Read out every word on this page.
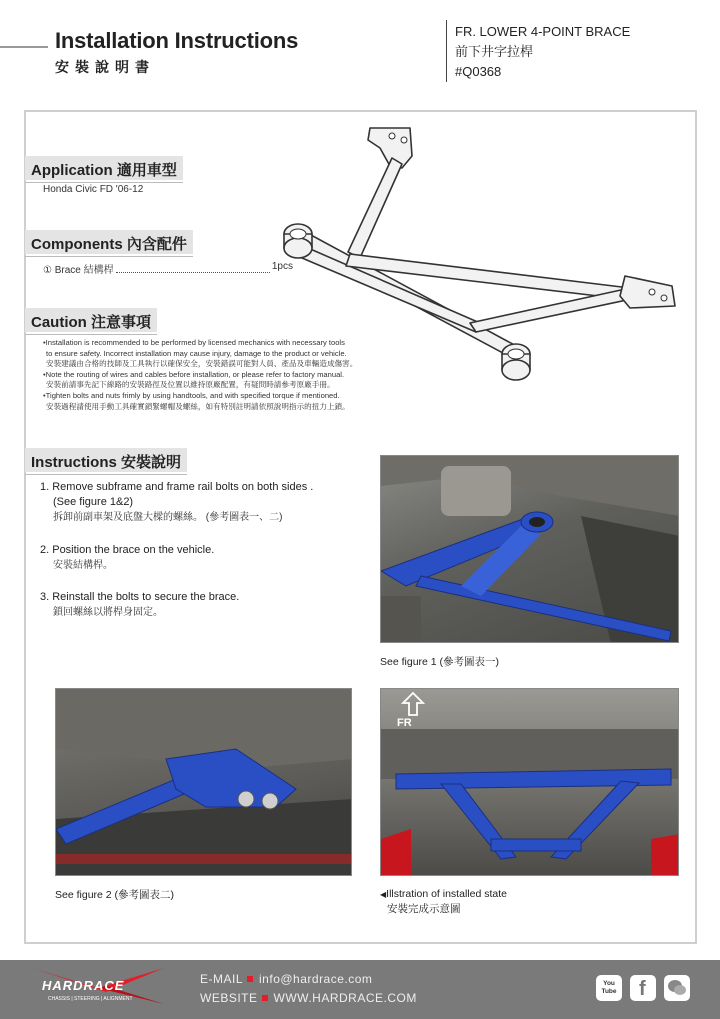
Installation Instructions
安裝說明書
FR. LOWER 4-POINT BRACE
前下井字拉桿
#Q0368
Application 適用車型
Honda Civic FD '06-12
Components 內含配件
① Brace 結構桿	1pcs
Caution 注意事項
•Installation is recommended to be performed by licensed mechanics with necessary tools
to ensure safety. Incorrect installation may cause injury, damage to the product or vehicle.
安裝建議由合格的技師及工具執行以確保安全，安裝錯誤可能對人員、產品及車輛造成傷害。
•Note the routing of wires and cables before installation, or please refer to factory manual.
安裝前請事先記下線路的安裝路徑及位置以維持原廠配置，有疑問時請參考原廠手冊。
•Tighten bolts and nuts frimly by using handtools, and with specified torque if mentioned.
安裝過程請使用手動工具確實鎖緊螺帽及螺絲，如有特別註明請依照說明指示的扭力上鎖。
Instructions 安裝說明
1. Remove subframe and frame rail bolts on both sides .
(See figure 1&2)
拆卸前副車架及底盤大樑的螺絲。 (參考圖表一、二)
2. Position the brace on the vehicle.
安裝結構桿。
3. Reinstall the bolts to secure the brace.
鎖回螺絲以將桿身固定。
See figure 1 (參考圖表一)
See figure 2 (參考圖表二)
FR
◀Illstration of installed state
安裝完成示意圖
HARDRACE
CHASSIS | STEERING | ALIGNMENT
E-MAIL info@hardrace.com
WEBSITE WWW.HARDRACE.COM
You Tube f
